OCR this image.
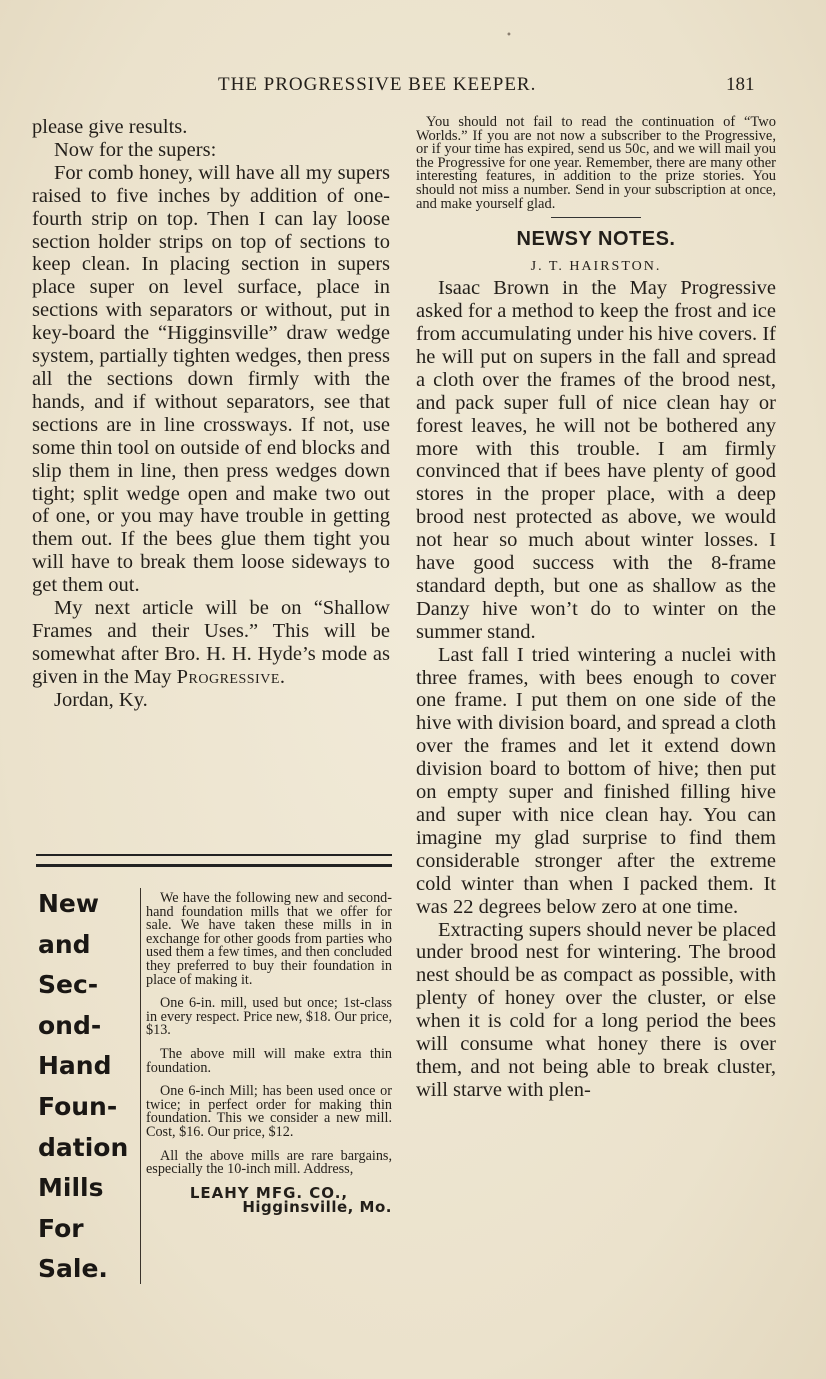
•
THE PROGRESSIVE BEE KEEPER.	181

please give results.

Now for the supers:

For comb honey, will have all my supers raised to five inches by addition of one-fourth strip on top. Then I can lay loose section holder strips on top of sections to keep clean. In placing section in supers place super on level surface, place in sections with separators or without, put in key-board the “Higginsville” draw wedge system, partially tighten wedges, then press all the sections down firmly with the hands, and if without separators, see that sections are in line crossways. If not, use some thin tool on outside of end blocks and slip them in line, then press wedges down tight; split wedge open and make two out of one, or you may have trouble in getting them out. If the bees glue them tight you will have to break them loose sideways to get them out.

My next article will be on “Shallow Frames and their Uses.” This will be somewhat after Bro. H. H. Hyde’s mode as given in the May Progressive.

Jordan, Ky.

New
and
Sec-
ond-
Hand
Foun-
dation
Mills
For
Sale.

We have the following new and second-hand foundation mills that we offer for sale. We have taken these mills in in exchange for other goods from parties who used them a few times, and then concluded they preferred to buy their foundation in place of making it.

One 6-in. mill, used but once; 1st-class in every respect. Price new, $18. Our price, $13.

The above mill will make extra thin foundation.

One 6-inch Mill; has been used once or twice; in perfect order for making thin foundation. This we consider a new mill. Cost, $16. Our price, $12.

All the above mills are rare bargains, especially the 10-inch mill. Address,

LEAHY MFG. CO.,

Higginsville, Mo.

You should not fail to read the continuation of “Two Worlds.” If you are not now a subscriber to the Progressive, or if your time has expired, send us 50c, and we will mail you the Progressive for one year. Remember, there are many other interesting features, in addition to the prize stories. You should not miss a number. Send in your subscription at once, and make yourself glad.

NEWSY NOTES.
J. T. HAIRSTON.

Isaac Brown in the May Progressive asked for a method to keep the frost and ice from accumulating under his hive covers. If he will put on supers in the fall and spread a cloth over the frames of the brood nest, and pack super full of nice clean hay or forest leaves, he will not be bothered any more with this trouble. I am firmly convinced that if bees have plenty of good stores in the proper place, with a deep brood nest protected as above, we would not hear so much about winter losses. I have good success with the 8-frame standard depth, but one as shallow as the Danzy hive won’t do to winter on the summer stand.

Last fall I tried wintering a nuclei with three frames, with bees enough to cover one frame. I put them on one side of the hive with division board, and spread a cloth over the frames and let it extend down division board to bottom of hive; then put on empty super and finished filling hive and super with nice clean hay. You can imagine my glad surprise to find them considerable stronger after the extreme cold winter than when I packed them. It was 22 degrees below zero at one time.

Extracting supers should never be placed under brood nest for wintering. The brood nest should be as compact as possible, with plenty of honey over the cluster, or else when it is cold for a long period the bees will consume what honey there is over them, and not being able to break cluster, will starve with plen-
